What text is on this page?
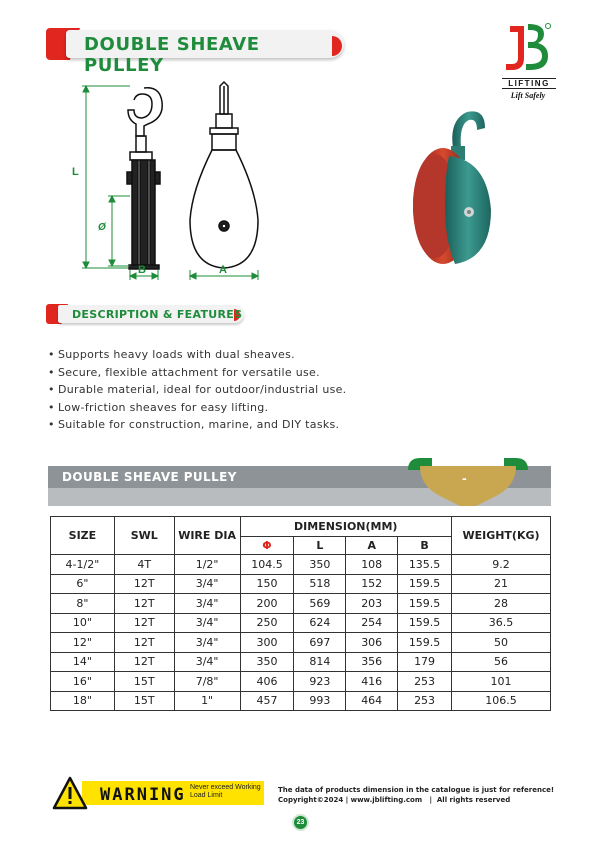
DOUBLE SHEAVE PULLEY
LIFTING
Lift Safely
L
Ø
B	A
DESCRIPTION & FEATURES
• Supports heavy loads with dual sheaves.
• Secure, flexible attachment for versatile use.
• Durable material, ideal for outdoor/industrial use.
• Low-friction sheaves for easy lifting.
• Suitable for construction, marine, and DIY tasks.
DOUBLE SHEAVE PULLEY	-
SIZE	SWL	WIRE DIA	DIMENSION(MM)				WEIGHT(KG)
			Φ	L	A	B	
4-1/2"	4T	1/2"	104.5	350	108	135.5	9.2
6"	12T	3/4"	150	518	152	159.5	21
8"	12T	3/4"	200	569	203	159.5	28
10"	12T	3/4"	250	624	254	159.5	36.5
12"	12T	3/4"	300	697	306	159.5	50
14"	12T	3/4"	350	814	356	179	56
16"	15T	7/8"	406	923	416	253	101
18"	15T	1"	457	993	464	253	106.5
WARNING Never exceed Working
Load Limit
The data of products dimension in the catalogue is just for reference!
Copyright©2024 | www.jblifting.com   |  All rights reserved
23
